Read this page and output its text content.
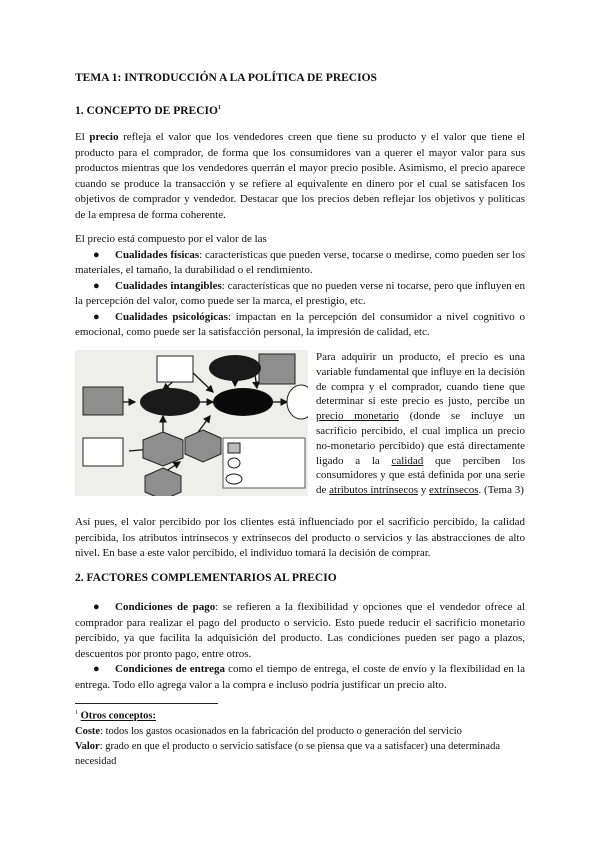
TEMA 1: INTRODUCCIÓN A LA POLÍTICA DE PRECIOS
1. CONCEPTO DE PRECIO$^1$

El precio refleja el valor que los vendedores creen que tiene su producto y el valor que tiene el producto para el comprador, de forma que los consumidores van a querer el mayor valor para sus productos mientras que los vendedores querrán el mayor precio posible. Asimismo, el precio aparece cuando se produce la transacción y se refiere al equivalente en dinero por el cual se satisfacen los objetivos de comprador y vendedor. Destacar que los precios deben reflejar los objetivos y políticas de la empresa de forma coherente.

El precio está compuesto por el valor de las

● Cualidades físicas: características que pueden verse, tocarse o medirse, como pueden ser los materiales, el tamaño, la durabilidad o el rendimiento.

● Cualidades intangibles: características que no pueden verse ni tocarse, pero que influyen en la percepción del valor, como puede ser la marca, el prestigio, etc.

● Cualidades psicológicas: impactan en la percepción del consumidor a nivel cognitivo o emocional, como puede ser la satisfacción personal, la impresión de calidad, etc.

Para adquirir un producto, el precio es una variable fundamental que influye en la decisión de compra y el comprador, cuando tiene que determinar si este precio es justo, percibe un precio monetario (donde se incluye un sacrificio percibido, el cual implica un precio no-monetario percibido) que está directamente ligado a la calidad que perciben los consumidores y que está definida por una serie de atributos intrínsecos y extrínsecos. (Tema 3)

Así pues, el valor percibido por los clientes está influenciado por el sacrificio percibido, la calidad percibida, los atributos intrínsecos y extrínsecos del producto o servicios y las abstracciones de alto nivel. En base a este valor percibido, el individuo tomará la decisión de comprar.

2. FACTORES COMPLEMENTARIOS AL PRECIO

● Condiciones de pago: se refieren a la flexibilidad y opciones que el vendedor ofrece al comprador para realizar el pago del producto o servicio. Esto puede reducir el sacrificio monetario percibido, ya que facilita la adquisición del producto. Las condiciones pueden ser pago a plazos, descuentos por pronto pago, entre otros.

● Condiciones de entrega como el tiempo de entrega, el coste de envío y la flexibilidad en la entrega. Todo ello agrega valor a la compra e incluso podría justificar un precio alto.

$^1$ Otros conceptos:
Coste: todos los gastos ocasionados en la fabricación del producto o generación del servicio
Valor: grado en que el producto o servicio satisface (o se piensa que va a satisfacer) una determinada necesidad
